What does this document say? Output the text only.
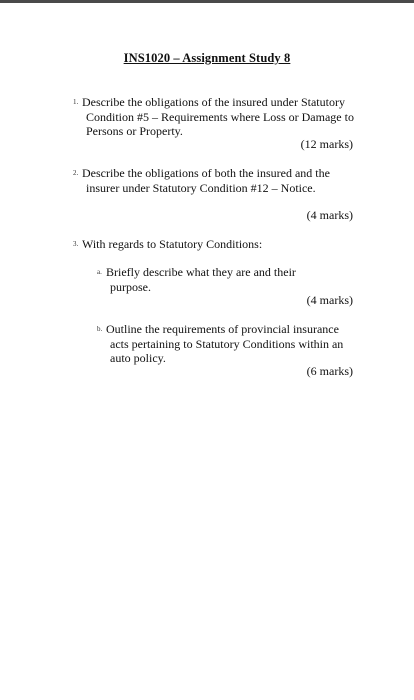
INS1020 – Assignment Study 8
1. Describe the obligations of the insured under Statutory Condition #5 – Requirements where Loss or Damage to Persons or Property.
(12 marks)
2. Describe the obligations of both the insured and the insurer under Statutory Condition #12 – Notice.
(4 marks)
3. With regards to Statutory Conditions:
a. Briefly describe what they are and their purpose.
(4 marks)
b. Outline the requirements of provincial insurance acts pertaining to Statutory Conditions within an auto policy.
(6 marks)
